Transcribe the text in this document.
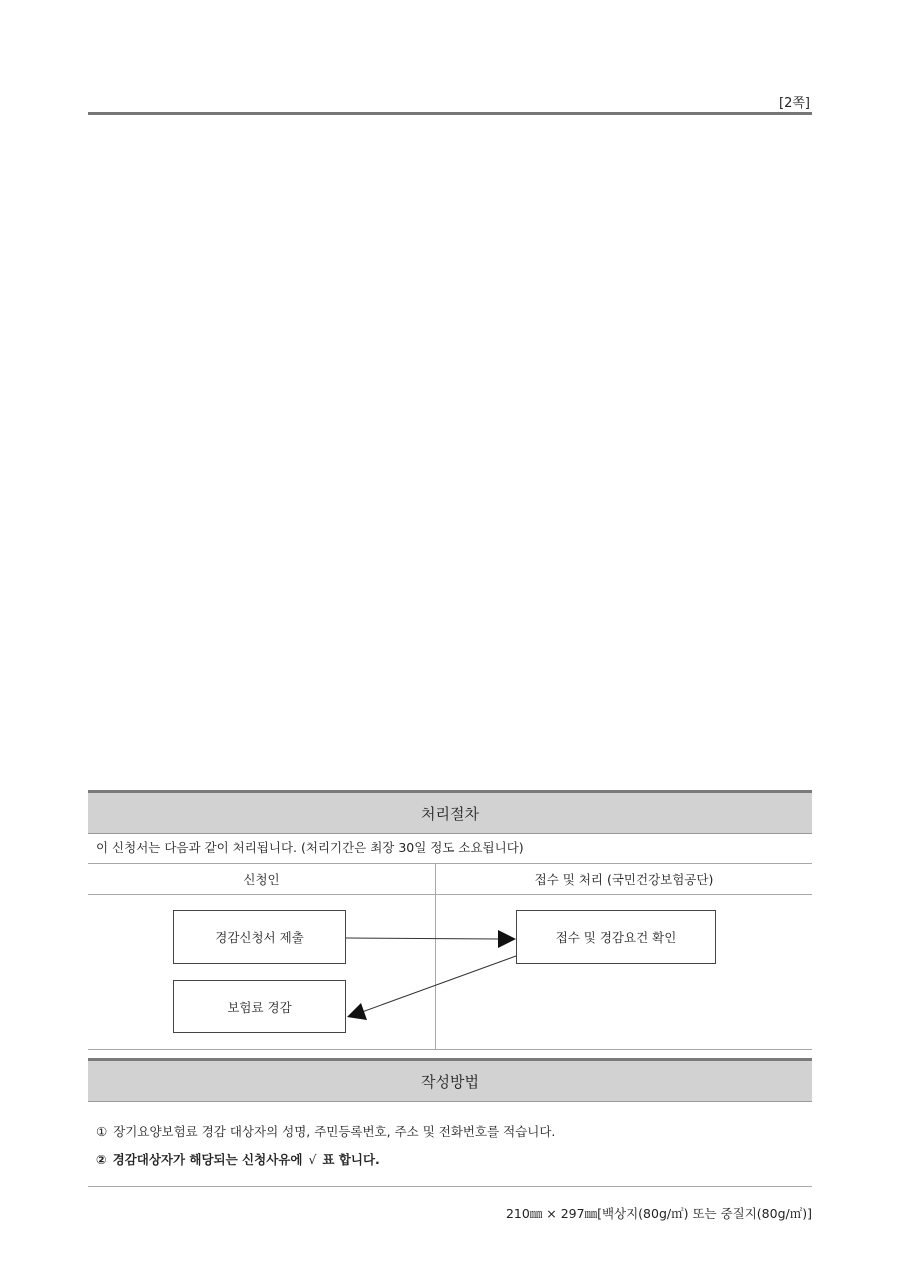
[2쪽]
처리절차
이 신청서는 다음과 같이 처리됩니다. (처리기간은 최장 30일 정도 소요됩니다)
신청인	접수 및 처리 (국민건강보험공단)
경감신청서 제출	접수 및 경감요건 확인
보험료 경감
작성방법
① 장기요양보험료 경감 대상자의 성명, 주민등록번호, 주소 및 전화번호를 적습니다.
② 경감대상자가 해당되는 신청사유에 √ 표 합니다.
210㎜ × 297㎜[백상지(80g/㎡) 또는 중질지(80g/㎡)]
